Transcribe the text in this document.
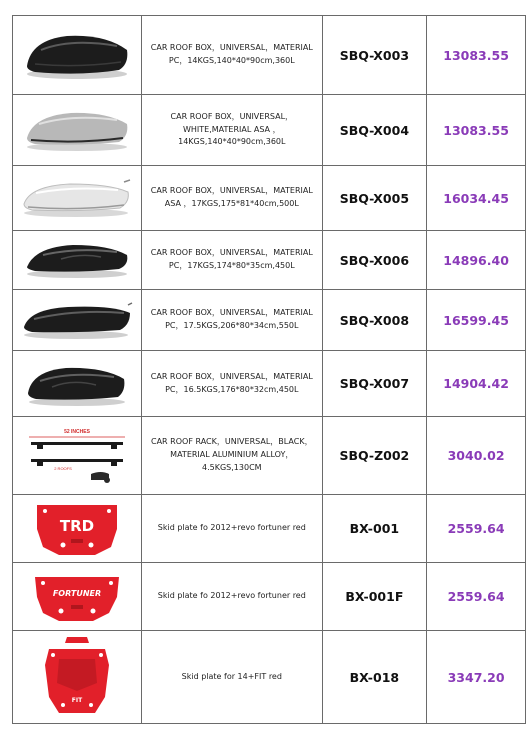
	CAR ROOF BOX，UNIVERSAL，MATERIAL PC，14KGS,140*40*90cm,360L	SBQ-X003	13083.55

	CAR ROOF BOX，UNIVERSAL，WHITE,MATERIAL ASA ，14KGS,140*40*90cm,360L	SBQ-X004	13083.55

	CAR ROOF BOX，UNIVERSAL，MATERIAL ASA ，17KGS,175*81*40cm,500L	SBQ-X005	16034.45

	CAR ROOF BOX，UNIVERSAL，MATERIAL PC，17KGS,174*80*35cm,450L	SBQ-X006	14896.40

	CAR ROOF BOX，UNIVERSAL，MATERIAL PC，17.5KGS,206*80*34cm,550L	SBQ-X008	16599.45

	CAR ROOF BOX，UNIVERSAL，MATERIAL PC，16.5KGS,176*80*32cm,450L	SBQ-X007	14904.42

52 INCHES
2 ROOFS	CAR ROOF RACK，UNIVERSAL，BLACK，MATERIAL ALUMINIUM ALLOY，4.5KGS,130CM	SBQ-Z002	3040.02

TRD	Skid plate fo 2012+revo fortuner red	BX-001	2559.64

FORTUNER	Skid plate fo 2012+revo fortuner red	BX-001F	2559.64

FIT	Skid plate for 14+FIT red	BX-018	3347.20
